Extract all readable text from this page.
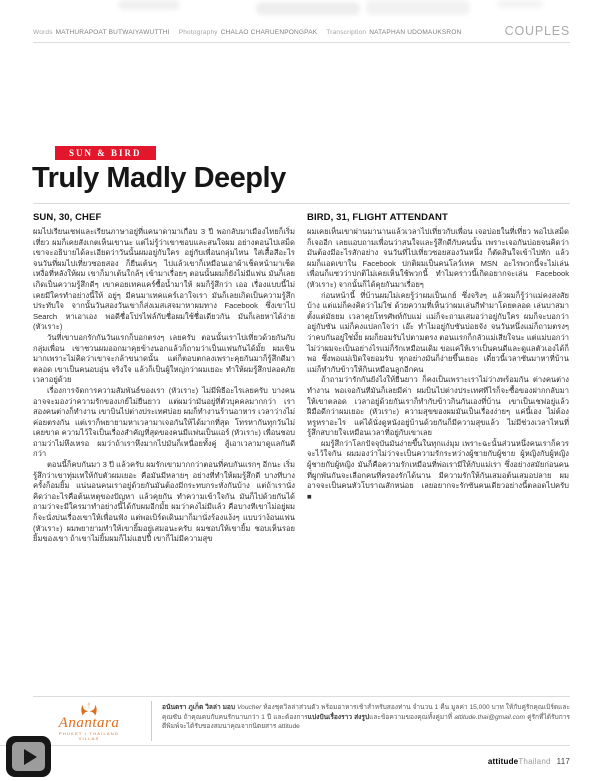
Words MATHURAPOAT BUTWAIYAWUTTHI Photography CHALAO CHARUENPONGPAK Transcription NATAPHAN UDOMAUKSRON	COUPLES
SUN & BIRD
Truly Madly Deeply
SUN, 30, CHEF

ผมไปเรียนเชฟและเรียนภาษาอยู่ที่แคนาดามาเกือบ 3 ปี พอกลับมาเมืองไทยก็เริ่มเที่ยว ผมก็เคยสังเกตเห็นเขานะ แต่ไม่รู้ว่าเขาชอบและสนใจผม อย่างตอนไปเสม็ด เขาจะอธิบายได้ละเอียดว่าวันนั้นผมอยู่กับใคร อยู่กับเพื่อนกลุ่มไหน ใส่เสื้อสีอะไร จนวันที่ผมไปเที่ยวซอยสอง ก็ยืนเต้นๆ ไปแล้วเขาก็เหมือนเอาผ้าเช็ดหน้ามาเช็ดเหงื่อที่หลังให้ผม เขาก็มาเต้นใกล้ๆ เข้ามาเรื่อยๆ ตอนนั้นผมก็ยังไม่มีแฟน มันก็เลยเกิดเป็นความรู้สึกดีๆ เขาคอยเทคแคร์ซื้อน้ำมาให้ ผมก็รู้สึกว่า เออ เรื่องแบบนี้ไม่เคยมีใครทำอย่างนี้ให้ อยู่ๆ มีคนมาเทคแคร์เอาใจเรา มันก็เลยเกิดเป็นความรู้สึกประทับใจ จากนั้นวันสองวันเขาก็ส่งเมสเสจมาหาผมทาง Facebook ซึ่งเขาไป Search หาเอาเอง พอดีชื่อโปรไฟล์กับชื่อผมใช้ชื่อเดียวกัน มันก็เลยหาได้ง่าย (หัวเราะ)

วันที่เขาบอกรักกันวันแรกก็บอกตรงๆ เลยครับ ตอนนั้นเราไปเที่ยวด้วยกันกับกลุ่มเพื่อน เขาชวนผมออกมาคุยข้างนอกแล้วก็ถามว่าเป็นแฟนกันได้มั้ย ผมเขินมากเพราะไม่คิดว่าเขาจะกล้าขนาดนั้น แต่ก็ตอบตกลงเพราะคุยกันมาก็รู้สึกดีมาตลอด เขาเป็นคนอบอุ่น จริงใจ แล้วก็เป็นผู้ใหญ่กว่าผมเยอะ ทำให้ผมรู้สึกปลอดภัยเวลาอยู่ด้วย

เรื่องการจัดการความสัมพันธ์ของเรา (หัวเราะ) ไม่มีพิธีอะไรเลยครับ บางคนอาจจะมองว่าความรักของเกย์ไม่ยืนยาว แต่ผมว่ามันอยู่ที่ตัวบุคคลมากกว่า เราสองคนต่างก็ทำงาน เขาบินไปต่างประเทศบ่อย ผมก็ทำงานร้านอาหาร เวลาว่างไม่ค่อยตรงกัน แต่เราก็พยายามหาเวลามาเจอกันให้ได้มากที่สุด โทรหากันทุกวันไม่เคยขาด ความไว้ใจเป็นเรื่องสำคัญที่สุดของคนมีแฟนเป็นแอร์ (หัวเราะ) เพื่อนชอบถามว่าไม่หึงเหรอ ผมว่าถ้าเราหึงมากไปมันก็เหนื่อยทั้งคู่ สู้เอาเวลามาดูแลกันดีกว่า

ตอนนี้ก็คบกันมา 3 ปี แล้วครับ ผมรักเขามากกว่าตอนที่คบกันแรกๆ อีกนะ เริ่มรู้สึกว่าเขาทุ่มเทให้กับตัวผมเยอะ คือมันมีหลายๆ อย่างที่ทำให้ผมรู้สึกดี บางทีบางครั้งก็อมยิ้ม แน่นอนคนเราอยู่ด้วยกันมันต้องมีกระทบกระทั่งกันบ้าง แต่ถ้าเรานั่งคิดว่าอะไรคือต้นเหตุของปัญหา แล้วคุยกัน ทำความเข้าใจกัน มันก็ไปด้วยกันได้ ถามว่าจะมีใครมาทำอย่างนี้ได้กับผมอีกมั้ย ผมว่าคงไม่มีแล้ว คือบางทีเขาไม่อยู่ผมก็จะนั่งบ่นเรื่องเขาให้เพื่อนฟัง แต่พอเบิร์ดเดินมาก็มานั่งร้องแง้งๆ แบบว่าง้อนแฟน (หัวเราะ) ผมพยายามทำให้เขายิ้มอยู่เสมอนะครับ ผมชอบให้เขายิ้ม ชอบเห็นรอยยิ้มของเขา ถ้าเขาไม่ยิ้มผมก็ไม่แฮปปี้ เขาก็ไม่มีความสุข

BIRD, 31, FLIGHT ATTENDANT

ผมเคยเห็นเขาผ่านมานานแล้วเวลาไปเที่ยวกับเพื่อน เจอบ่อยในที่เที่ยว พอไปเสม็ดก็เจออีก เลยแอบถามเพื่อนว่าสนใจและรู้สึกดีกับคนนั้น เพราะเจอกันบ่อยจนคิดว่ามันต้องมีอะไรสักอย่าง จนวันที่ไปเที่ยวซอยสองวันหนึ่ง ก็ตัดสินใจเข้าไปทัก แล้วผมก็แอดเขาใน Facebook ปกติผมเป็นคนโลว์เทค MSN อะไรพวกนี้จะไม่เล่น เพื่อนก็แซวว่าปกติไม่เคยเห็นใช้พวกนี้ ทำไมคราวนี้เกิดอยากจะเล่น Facebook (หัวเราะ) จากนั้นก็ได้คุยกันมาเรื่อยๆ

ก่อนหน้านี้ ที่บ้านผมไม่เคยรู้ว่าผมเป็นเกย์ ซึ่งจริงๆ แล้วผมก็รู้ว่าแม่คงสงสัยบ้าง แต่แม่ก็คงคิดว่าไม่ใช่ ด้วยความที่เห็นว่าผมเล่นกีฬามาโดยตลอด เล่นบาสมาตั้งแต่มัธยม เวลาคุยโทรศัพท์กับแม่ แม่ก็จะถามเสมอว่าอยู่กับใคร ผมก็จะบอกว่าอยู่กับซัน แม่ก็คงแปลกใจว่า เอ๊ะ ทำไมอยู่กับซันบ่อยจัง จนวันหนึ่งแม่ก็ถามตรงๆ ว่าคบกันอยู่ใช่มั้ย ผมก็ยอมรับไปตามตรง ตอนแรกก็กลัวแม่เสียใจนะ แต่แม่บอกว่าไม่ว่าผมจะเป็นอย่างไรแม่ก็รักเหมือนเดิม ขอแค่ให้เราเป็นคนดีและดูแลตัวเองได้ก็พอ ซึ่งพอแม่เปิดใจยอมรับ ทุกอย่างมันก็ง่ายขึ้นเยอะ เดี๋ยวนี้เวลาซันมาหาที่บ้าน แม่ก็ทำกับข้าวให้กินเหมือนลูกอีกคน

ถ้าถามว่ารักกันยังไงให้ยืนยาว ก็คงเป็นเพราะเราไม่ว่างพร้อมกัน ต่างคนต่างทำงาน พอเจอกันทีมันก็เลยมีค่า ผมบินไปต่างประเทศทีไรก็จะซื้อของฝากกลับมาให้เขาตลอด เวลาอยู่ด้วยกันเราก็ทำกับข้าวกินกันเองที่บ้าน เขาเป็นเชฟอยู่แล้วฝีมือดีกว่าผมเยอะ (หัวเราะ) ความสุขของผมมันเป็นเรื่องง่ายๆ แค่นี้เอง ไม่ต้องหรูหราอะไร แค่ได้นั่งดูหนังอยู่บ้านด้วยกันก็มีความสุขแล้ว ไม่มีช่วงเวลาไหนที่รู้สึกสบายใจเหมือนเวลาที่อยู่กับเขาเลย

ผมรู้สึกว่าโลกปัจจุบันมันง่ายขึ้นในทุกแง่มุม เพราะฉะนั้นส่วนหนึ่งคนเราก็ควรจะไว้ใจกัน ผมมองว่าไม่ว่าจะเป็นความรักระหว่างผู้ชายกับผู้ชาย ผู้หญิงกับผู้หญิง ผู้ชายกับผู้หญิง มันก็คือความรักเหมือนที่พ่อเรามีให้กับแม่เรา ซึ่งอย่างสมัยก่อนคนที่ผูกพันกันจะเลือกคนที่ครองรักได้นาน มีความรักให้กันเสมอต้นเสมอปลาย ผมอาจจะเป็นคนหัวโบราณสักหน่อย เลยอยากจะรักซันคนเดียวอย่างนี้ตลอดไปครับ ■

Anantara
PHUKET • THAILAND
VILLAS
อนันตรา ภูเก็ต วิลล่า มอบ Voucher ห้องชุดวิลล่าส่วนตัว พร้อมอาหารเช้าสำหรับสองท่าน จำนวน 1 คืน มูลค่า 15,000 บาท ให้กับคู่รักคุณเบิร์ดและคุณซัน ถ้าคุณคบกับคนรักนานกว่า 1 ปี และต้องการแบ่งปันเรื่องราว ส่งรูปและข้อความของคุณทั้งคู่มาที่ attitude.thai@gmail.com คู่รักที่ได้รับการตีพิมพ์จะได้รับของสมนาคุณจากนิตยสาร attitude
attitudeThailand 117
